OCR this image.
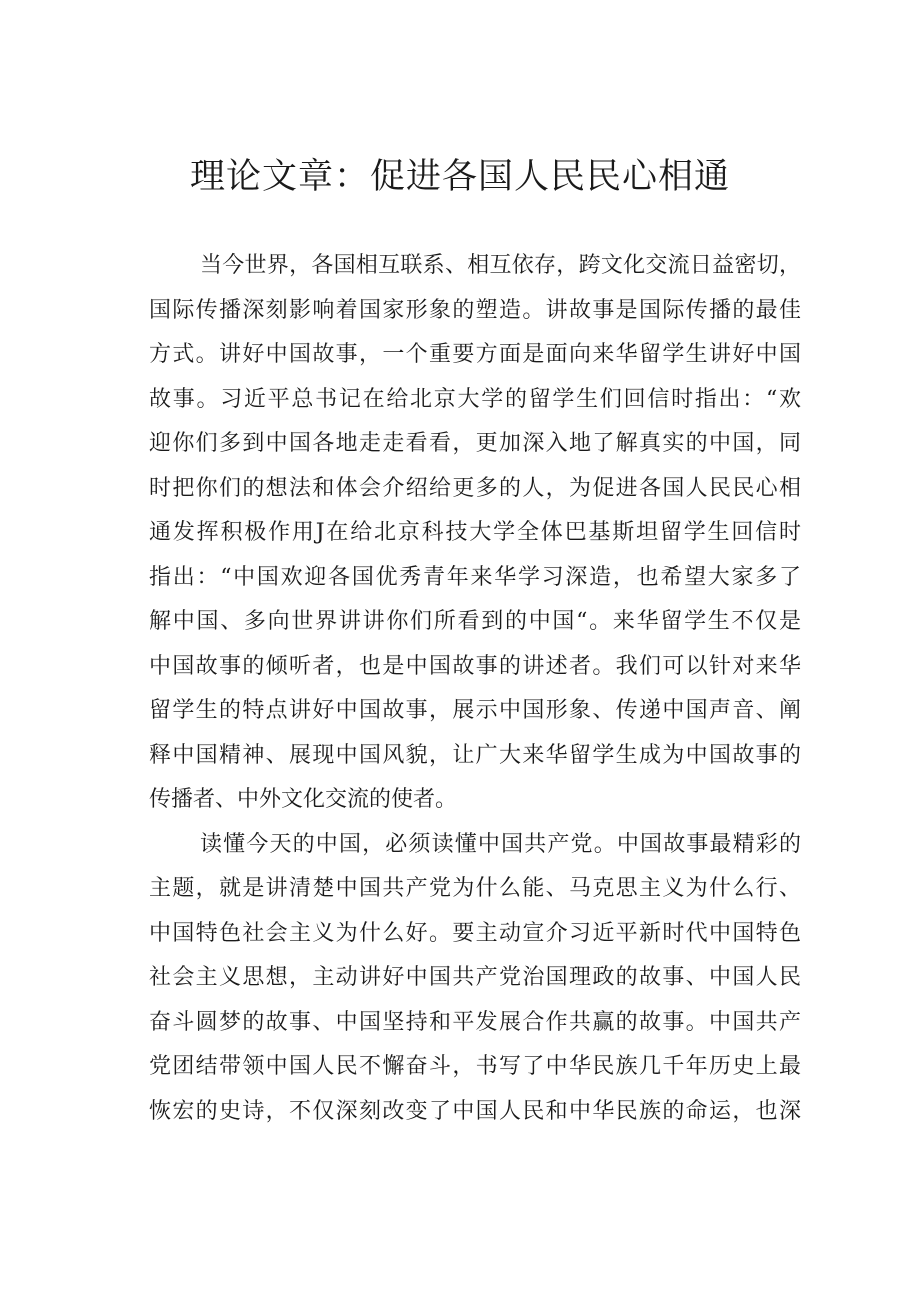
理论文章：促进各国人民民心相通
当今世界，各国相互联系、相互依存，跨文化交流日益密切，
国际传播深刻影响着国家形象的塑造。讲故事是国际传播的最佳
方式。讲好中国故事，一个重要方面是面向来华留学生讲好中国
故事。习近平总书记在给北京大学的留学生们回信时指出：“欢
迎你们多到中国各地走走看看，更加深入地了解真实的中国，同
时把你们的想法和体会介绍给更多的人，为促进各国人民民心相
通发挥积极作用J在给北京科技大学全体巴基斯坦留学生回信时
指出：“中国欢迎各国优秀青年来华学习深造，也希望大家多了
解中国、多向世界讲讲你们所看到的中国“。来华留学生不仅是
中国故事的倾听者，也是中国故事的讲述者。我们可以针对来华
留学生的特点讲好中国故事，展示中国形象、传递中国声音、阐
释中国精神、展现中国风貌，让广大来华留学生成为中国故事的
传播者、中外文化交流的使者。
读懂今天的中国，必须读懂中国共产党。中国故事最精彩的
主题，就是讲清楚中国共产党为什么能、马克思主义为什么行、
中国特色社会主义为什么好。要主动宣介习近平新时代中国特色
社会主义思想，主动讲好中国共产党治国理政的故事、中国人民
奋斗圆梦的故事、中国坚持和平发展合作共赢的故事。中国共产
党团结带领中国人民不懈奋斗，书写了中华民族几千年历史上最
恢宏的史诗，不仅深刻改变了中国人民和中华民族的命运，也深
